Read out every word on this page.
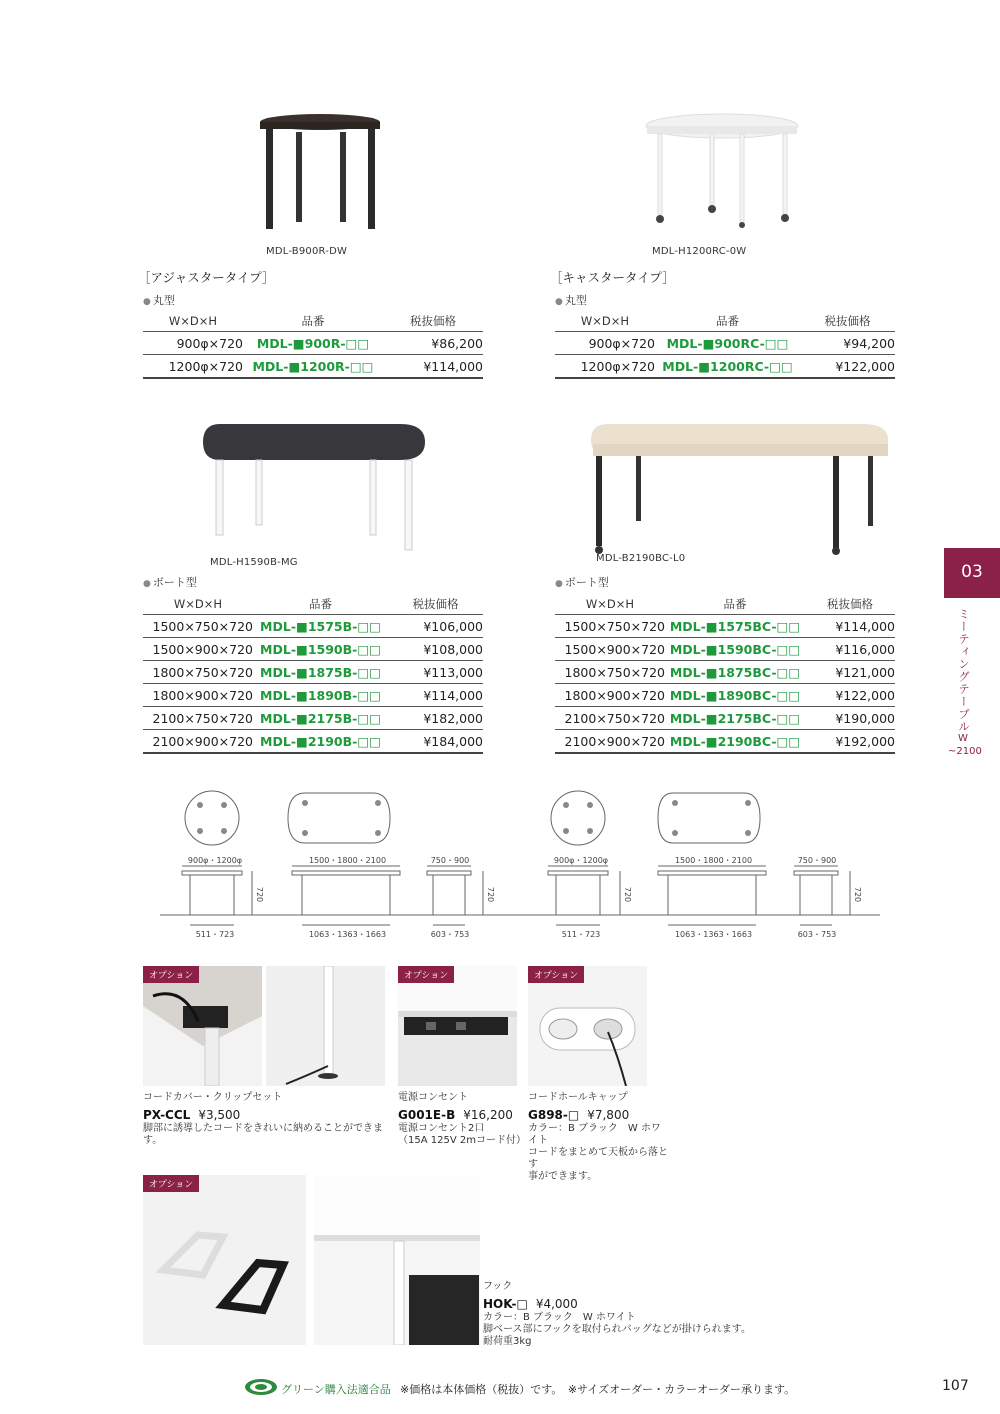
MDL-B900R-DW	MDL-H1200RC-0W
MDL-H1590B-MG	MDL-B2190BC-L0
［アジャスタータイプ］	［キャスタータイプ］
● 丸型	● 丸型
● ボート型	● ボート型
W×D×H	品番	税抜価格
900φ×720	MDL-■900R-□□	¥86,200
1200φ×720	MDL-■1200R-□□	¥114,000
W×D×H	品番	税抜価格
900φ×720	MDL-■900RC-□□	¥94,200
1200φ×720	MDL-■1200RC-□□	¥122,000
W×D×H	品番	税抜価格
1500×750×720	MDL-■1575B-□□	¥106,000
1500×900×720	MDL-■1590B-□□	¥108,000
1800×750×720	MDL-■1875B-□□	¥113,000
1800×900×720	MDL-■1890B-□□	¥114,000
2100×750×720	MDL-■2175B-□□	¥182,000
2100×900×720	MDL-■2190B-□□	¥184,000
W×D×H	品番	税抜価格
1500×750×720	MDL-■1575BC-□□	¥114,000
1500×900×720	MDL-■1590BC-□□	¥116,000
1800×750×720	MDL-■1875BC-□□	¥121,000
1800×900×720	MDL-■1890BC-□□	¥122,000
2100×750×720	MDL-■2175BC-□□	¥190,000
2100×900×720	MDL-■2190BC-□□	¥192,000
900φ・1200φ	1500・1800・2100	750・900	900φ・1200φ	1500・1800・2100	750・900
720	720	720	720
511・723	1063・1363・1663	603・753	511・723	1063・1363・1663	603・753
03
ミーティングテーブル
W
~2100
オプション	オプション	オプション
オプション
コードカバー・クリップセット
PX-CCL ¥3,500
脚部に誘導したコードをきれいに納めることができます。
電源コンセント
G001E-B ¥16,200
電源コンセント2口
（15A 125V 2mコード付）
コードホールキャップ
G898-□ ¥7,800
カラー：B ブラック　W ホワイト
コードをまとめて天板から落とす
事ができます。
フック
HOK-□ ¥4,000
カラー：B ブラック　W ホワイト
脚ベース部にフックを取付られバッグなどが掛けられます。
耐荷重3kg
グリーン購入法適合品 ※価格は本体価格（税抜）です。　※サイズオーダー・カラーオーダー承ります。	107
